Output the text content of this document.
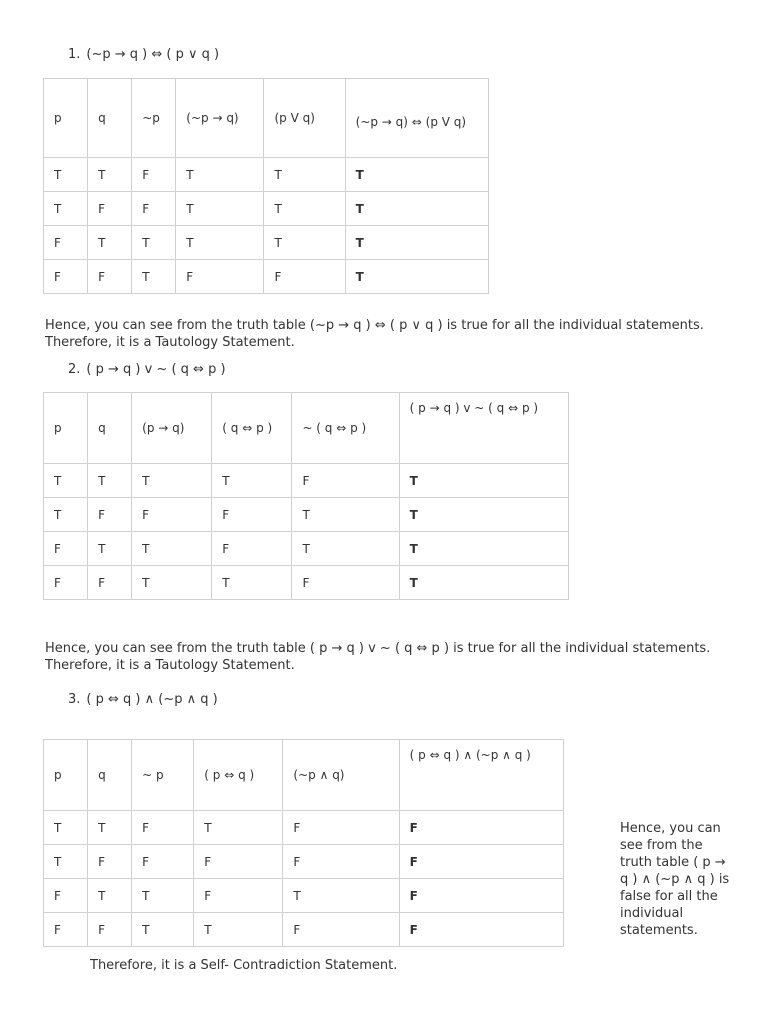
1. (~p → q ) ⇔ ( p ∨ q )
p	q	~p	(~p → q)	(p V q)	(~p → q) ⇔ (p V q)
T	T	F	T	T	T
T	F	F	T	T	T
F	T	T	T	T	T
F	F	T	F	F	T
Hence, you can see from the truth table (~p → q ) ⇔ ( p ∨ q ) is true for all the individual statements.
Therefore, it is a Tautology Statement.
2. ( p → q ) v ~ ( q ⇔ p )
p	q	(p → q)	( q ⇔ p )	~ ( q ⇔ p )	( p → q ) v ~ ( q ⇔ p )
T	T	T	T	F	T
T	F	F	F	T	T
F	T	T	F	T	T
F	F	T	T	F	T
Hence, you can see from the truth table ( p → q ) v ~ ( q ⇔ p ) is true for all the individual statements.
Therefore, it is a Tautology Statement.
3. ( p ⇔ q ) ∧ (~p ∧ q )
p	q	~ p	( p ⇔ q )	(~p ∧ q)	( p ⇔ q ) ∧ (~p ∧ q )
T	T	F	T	F	F
T	F	F	F	F	F
F	T	T	F	T	F
F	F	T	T	F	F
Hence, you can see from the truth table ( p → q ) ∧ (~p ∧ q ) is false for all the individual statements.
Therefore, it is a Self- Contradiction Statement.
